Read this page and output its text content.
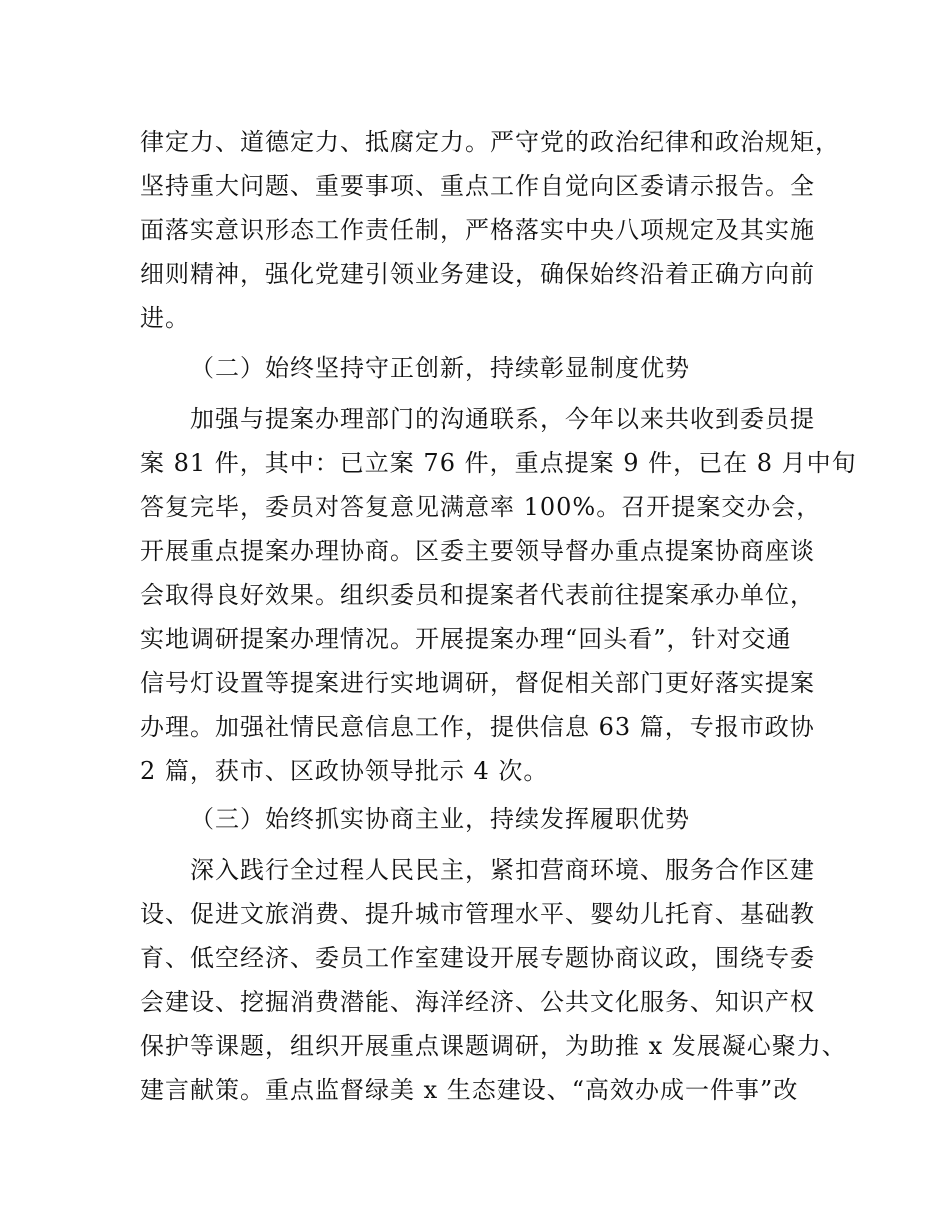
律定力、道德定力、抵腐定力。严守党的政治纪律和政治规矩，
坚持重大问题、重要事项、重点工作自觉向区委请示报告。全
面落实意识形态工作责任制，严格落实中央八项规定及其实施
细则精神，强化党建引领业务建设，确保始终沿着正确方向前
进。
（二）始终坚持守正创新，持续彰显制度优势
加强与提案办理部门的沟通联系，今年以来共收到委员提
案 81 件，其中：已立案 76 件，重点提案 9 件，已在 8 月中旬
答复完毕，委员对答复意见满意率 100%。召开提案交办会，
开展重点提案办理协商。区委主要领导督办重点提案协商座谈
会取得良好效果。组织委员和提案者代表前往提案承办单位，
实地调研提案办理情况。开展提案办理“回头看”，针对交通
信号灯设置等提案进行实地调研，督促相关部门更好落实提案
办理。加强社情民意信息工作，提供信息 63 篇，专报市政协
2 篇，获市、区政协领导批示 4 次。
（三）始终抓实协商主业，持续发挥履职优势
深入践行全过程人民民主，紧扣营商环境、服务合作区建
设、促进文旅消费、提升城市管理水平、婴幼儿托育、基础教
育、低空经济、委员工作室建设开展专题协商议政，围绕专委
会建设、挖掘消费潜能、海洋经济、公共文化服务、知识产权
保护等课题，组织开展重点课题调研，为助推 x 发展凝心聚力、
建言献策。重点监督绿美 x 生态建设、“高效办成一件事”改
